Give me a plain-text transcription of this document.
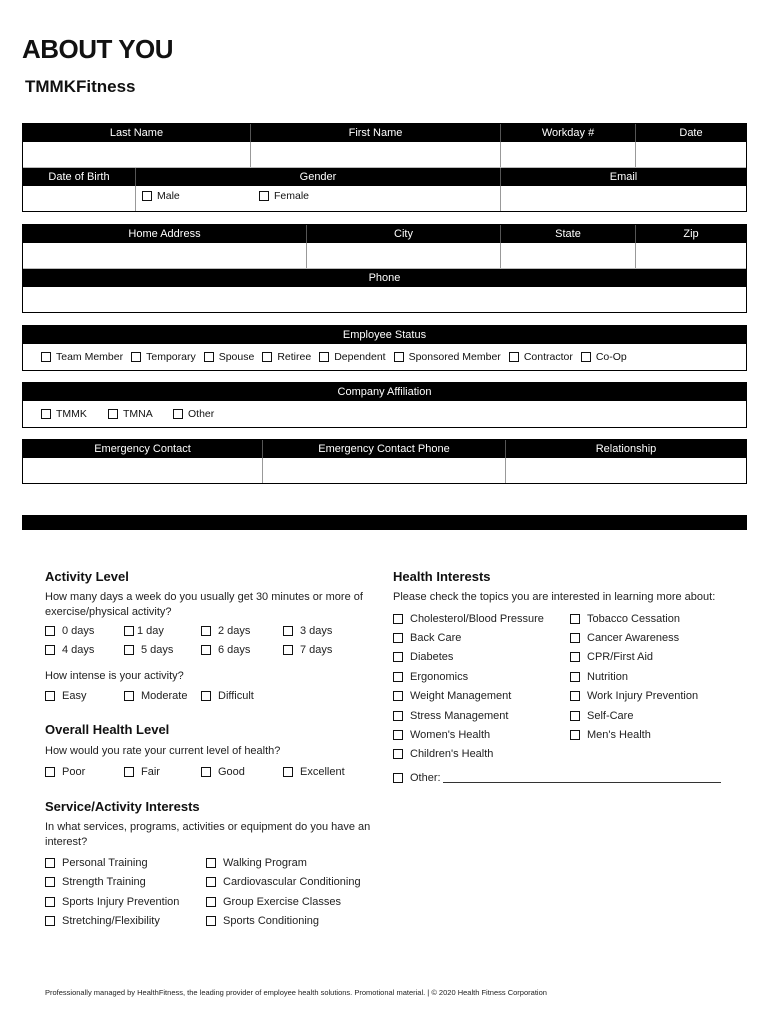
ABOUT YOU
TMMKFitness
Last Name	First Name	Workday #	Date
Date of Birth	Gender	Email
Male	Female
Home Address	City	State	Zip
Phone
Employee Status
Team Member Temporary Spouse Retiree Dependent Sponsored Member Contractor Co-Op
Company Affiliation
TMMK	TMNA	Other
Emergency Contact	Emergency Contact Phone	Relationship
Activity Level
How many days a week do you usually get 30 minutes or more of exercise/physical activity?
0 days	1 day	2 days	3 days
4 days	5 days	6 days	7 days
How intense is your activity?
Easy	Moderate	Difficult
Overall Health Level
How would you rate your current level of health?
Poor	Fair	Good	Excellent
Service/Activity Interests
In what services, programs, activities or equipment do you have an interest?
Personal Training
Strength Training
Sports Injury Prevention
Stretching/Flexibility
Walking Program
Cardiovascular Conditioning
Group Exercise Classes
Sports Conditioning
Health Interests
Please check the topics you are interested in learning more about:
Cholesterol/Blood Pressure
Back Care
Diabetes
Ergonomics
Weight Management
Stress Management
Women's Health
Children's Health
Tobacco Cessation
Cancer Awareness
CPR/First Aid
Nutrition
Work Injury Prevention
Self-Care
Men's Health
Other:
Professionally managed by HealthFitness, the leading provider of employee health solutions. Promotional material. | © 2020 Health Fitness Corporation
